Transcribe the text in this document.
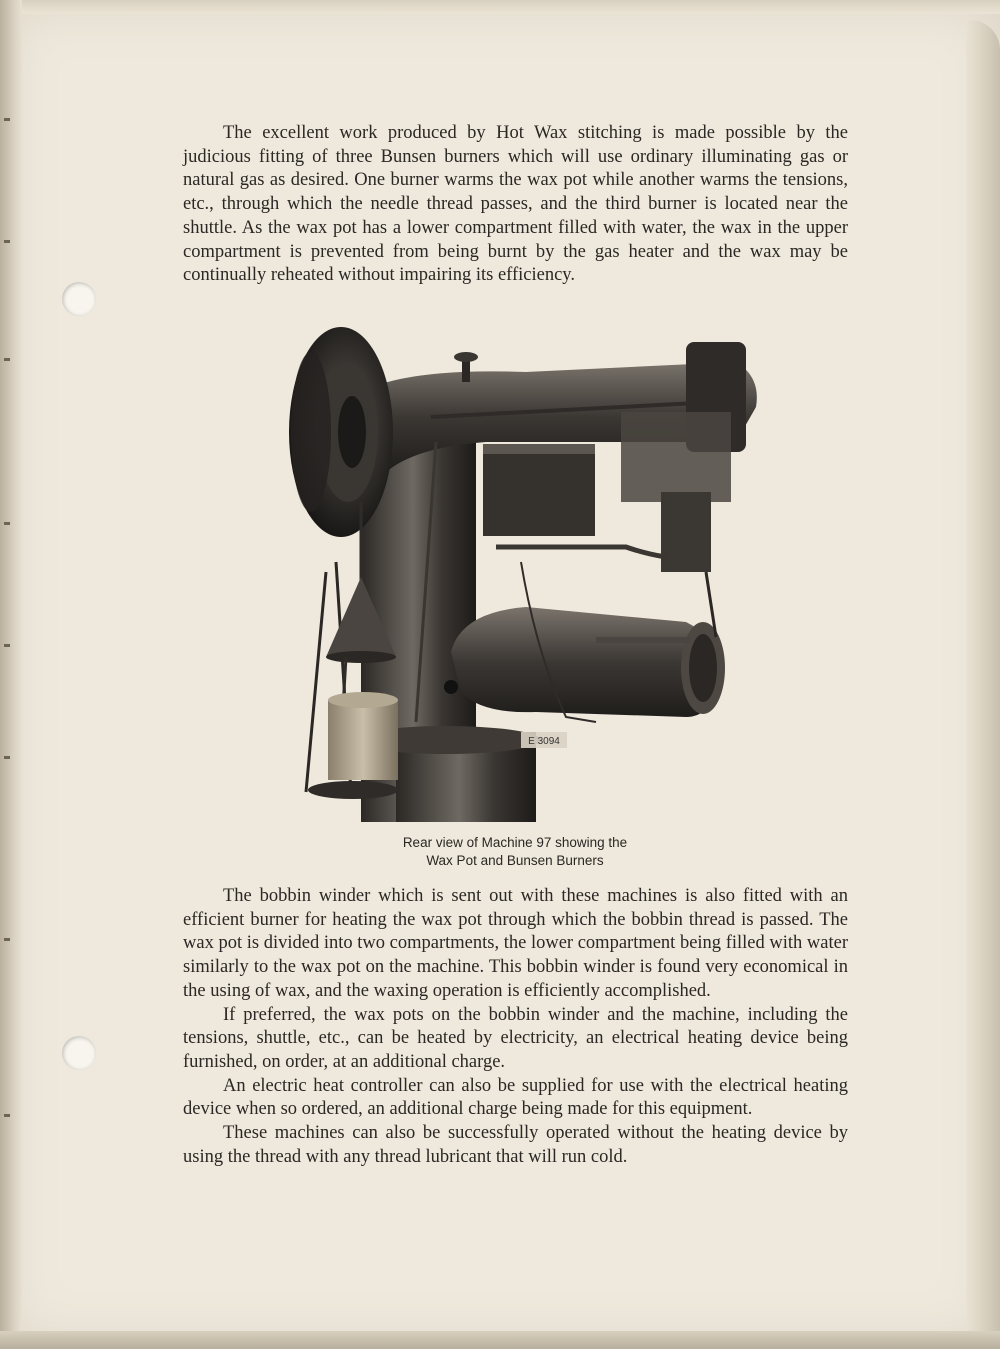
The excellent work produced by Hot Wax stitching is made possible by the judicious fitting of three Bunsen burners which will use ordinary illuminating gas or natural gas as desired. One burner warms the wax pot while another warms the tensions, etc., through which the needle thread passes, and the third burner is located near the shuttle. As the wax pot has a lower compartment filled with water, the wax in the upper compartment is prevented from being burnt by the gas heater and the wax may be continually reheated without impairing its efficiency.

E 3094
Rear view of Machine 97 showing the
Wax Pot and Bunsen Burners

The bobbin winder which is sent out with these machines is also fitted with an efficient burner for heating the wax pot through which the bobbin thread is passed. The wax pot is divided into two compartments, the lower compartment being filled with water similarly to the wax pot on the machine. This bobbin winder is found very economical in the using of wax, and the waxing operation is efficiently accomplished.

If preferred, the wax pots on the bobbin winder and the machine, including the tensions, shuttle, etc., can be heated by electricity, an electrical heating device being furnished, on order, at an additional charge.

An electric heat controller can also be supplied for use with the electrical heating device when so ordered, an additional charge being made for this equipment.

These machines can also be successfully operated without the heating device by using the thread with any thread lubricant that will run cold.
